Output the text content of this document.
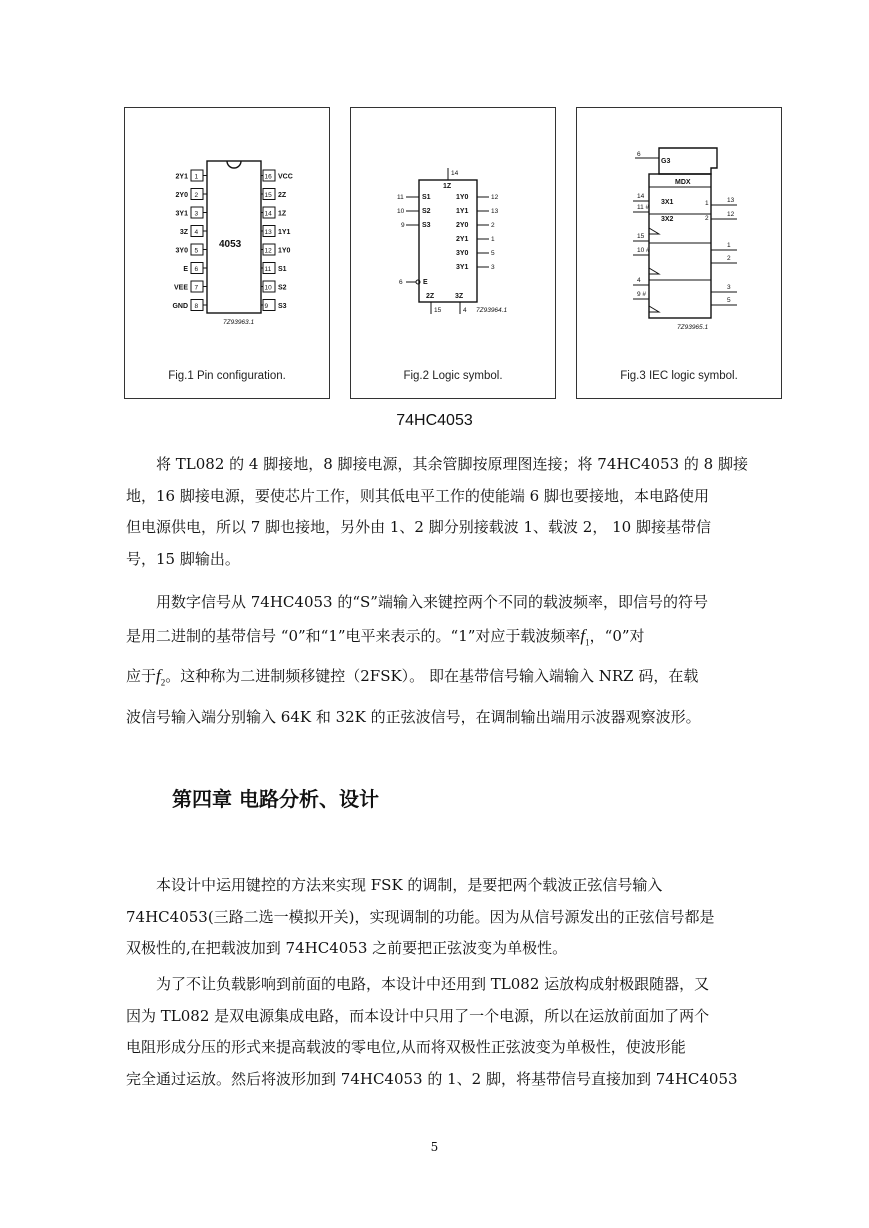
4053
1
2Y1
2
2Y0
3
3Y1
4
3Z
5
3Y0
6
E
7
VEE
8
GND
16 VCC
15 2Z
14 1Z
13 1Y1
12 1Y0
11 S1
10 S2
9 S3
7Z93963.1
Fig.1 Pin configuration.
14
1Z
11	S1
10	S2
9 S3
6	E
1Y0	12
1Y1	13
2Y0	2
2Y1	1
3Y0	5
3Y1	3
2Z	3Z
15	4 7Z93964.1
Fig.2 Logic symbol.
G3
6
MDX
3X1
3X2
14
11 #
15
10 #
4
9 #
1
2
13
12
1
2
3
5
7Z93965.1
Fig.3 IEC logic symbol.
74HC4053

将 TL082 的 4 脚接地，8 脚接电源，其余管脚按原理图连接；将 74HC4053 的 8 脚接
地，16 脚接电源，要使芯片工作，则其低电平工作的使能端 6 脚也要接地，本电路使用
但电源供电，所以 7 脚也接地，另外由 1、2 脚分别接载波 1、载波 2， 10 脚接基带信
号，15 脚输出。

用数字信号从 74HC4053 的“S”端输入来键控两个不同的载波频率，即信号的符号
是用二进制的基带信号 “0”和“1”电平来表示的。“1”对应于载波频率$f_1$，“0”对
应于$f_2$。这种称为二进制频移键控（2FSK）。 即在基带信号输入端输入 NRZ 码，在载
波信号输入端分别输入 64K 和 32K 的正弦波信号，在调制输出端用示波器观察波形。

第四章 电路分析、设计

本设计中运用键控的方法来实现 FSK 的调制，是要把两个载波正弦信号输入
74HC4053(三路二选一模拟开关)，实现调制的功能。因为从信号源发出的正弦信号都是
双极性的,在把载波加到 74HC4053 之前要把正弦波变为单极性。

为了不让负载影响到前面的电路，本设计中还用到 TL082 运放构成射极跟随器，又
因为 TL082 是双电源集成电路，而本设计中只用了一个电源，所以在运放前面加了两个
电阻形成分压的形式来提高载波的零电位,从而将双极性正弦波变为单极性，使波形能
完全通过运放。然后将波形加到 74HC4053 的 1、2 脚，将基带信号直接加到 74HC4053

5
